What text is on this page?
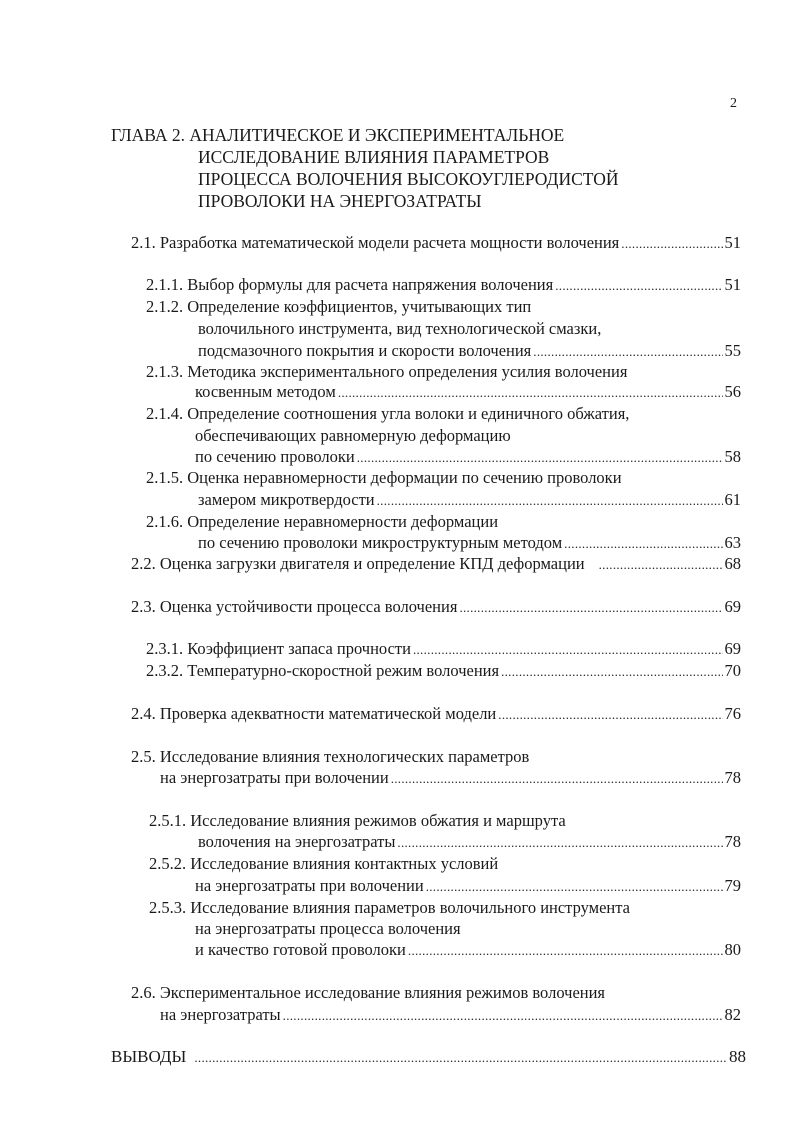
2
ГЛАВА 2. АНАЛИТИЧЕСКОЕ И ЭКСПЕРИМЕНТАЛЬНОЕ
ИССЛЕДОВАНИЕ ВЛИЯНИЯ ПАРАМЕТРОВ
ПРОЦЕССА ВОЛОЧЕНИЯ ВЫСОКОУГЛЕРОДИСТОЙ
ПРОВОЛОКИ НА ЭНЕРГОЗАТРАТЫ
2.1. Разработка математической модели расчета мощности волочения .....	51
2.1.1. Выбор формулы для расчета напряжения волочения .....	51
2.1.2. Определение коэффициентов, учитывающих тип
волочильного инструмента, вид технологической смазки,
подсмазочного покрытия и скорости волочения .....	55
2.1.3. Методика экспериментального определения усилия волочения
косвенным методом .....	56
2.1.4. Определение соотношения угла волоки и единичного обжатия,
обеспечивающих равномерную деформацию
по сечению проволоки .....	58
2.1.5. Оценка неравномерности деформации по сечению проволоки
замером микротвердости .....	61
2.1.6. Определение неравномерности деформации
по сечению проволоки микроструктурным методом .....	63
2.2. Оценка загрузки двигателя и определение КПД деформации .....	68
2.3. Оценка устойчивости процесса волочения .....	69
2.3.1. Коэффициент запаса прочности .....	69
2.3.2. Температурно-скоростной режим волочения .....	70
2.4. Проверка адекватности математической модели .....	76
2.5. Исследование влияния технологических параметров
на энергозатраты при волочении .....	78
2.5.1. Исследование влияния режимов обжатия и маршрута
волочения на энергозатраты .....	78
2.5.2. Исследование влияния контактных условий
на энергозатраты при волочении .....	79
2.5.3. Исследование влияния параметров волочильного инструмента
на энергозатраты процесса волочения
и качество готовой проволоки .....	80
2.6. Экспериментальное исследование влияния режимов волочения
на энергозатраты .....	82
ВЫВОДЫ .....	88
